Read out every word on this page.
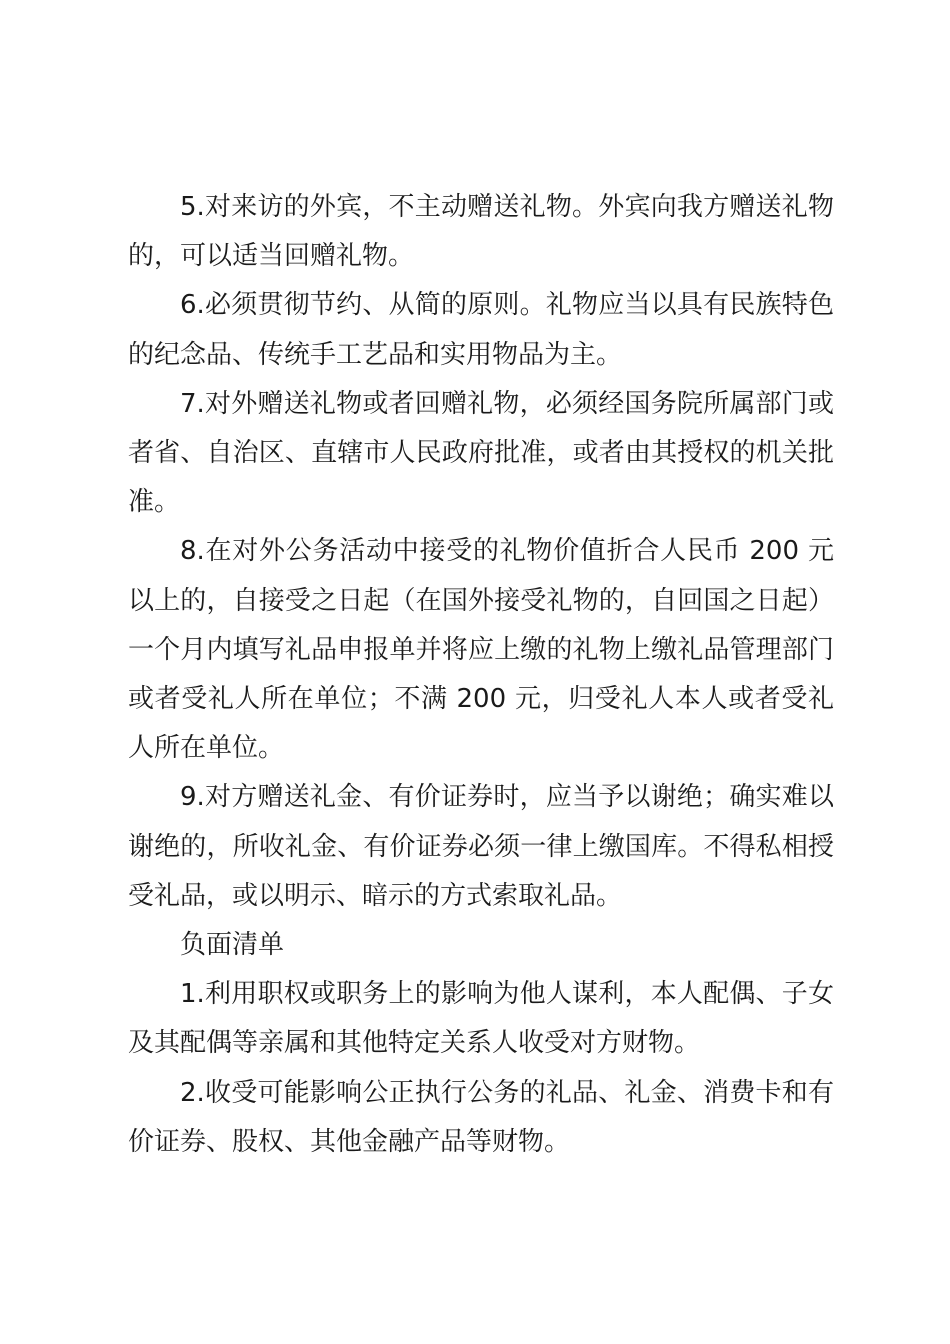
5.对来访的外宾，不主动赠送礼物。外宾向我方赠送礼物的，可以适当回赠礼物。

6.必须贯彻节约、从简的原则。礼物应当以具有民族特色的纪念品、传统手工艺品和实用物品为主。

7.对外赠送礼物或者回赠礼物，必须经国务院所属部门或者省、自治区、直辖市人民政府批准，或者由其授权的机关批准。

8.在对外公务活动中接受的礼物价值折合人民币 200 元以上的，自接受之日起（在国外接受礼物的，自回国之日起）一个月内填写礼品申报单并将应上缴的礼物上缴礼品管理部门或者受礼人所在单位；不满 200 元，归受礼人本人或者受礼人所在单位。

9.对方赠送礼金、有价证券时，应当予以谢绝；确实难以谢绝的，所收礼金、有价证券必须一律上缴国库。不得私相授受礼品，或以明示、暗示的方式索取礼品。

负面清单

1.利用职权或职务上的影响为他人谋利，本人配偶、子女及其配偶等亲属和其他特定关系人收受对方财物。

2.收受可能影响公正执行公务的礼品、礼金、消费卡和有价证券、股权、其他金融产品等财物。
